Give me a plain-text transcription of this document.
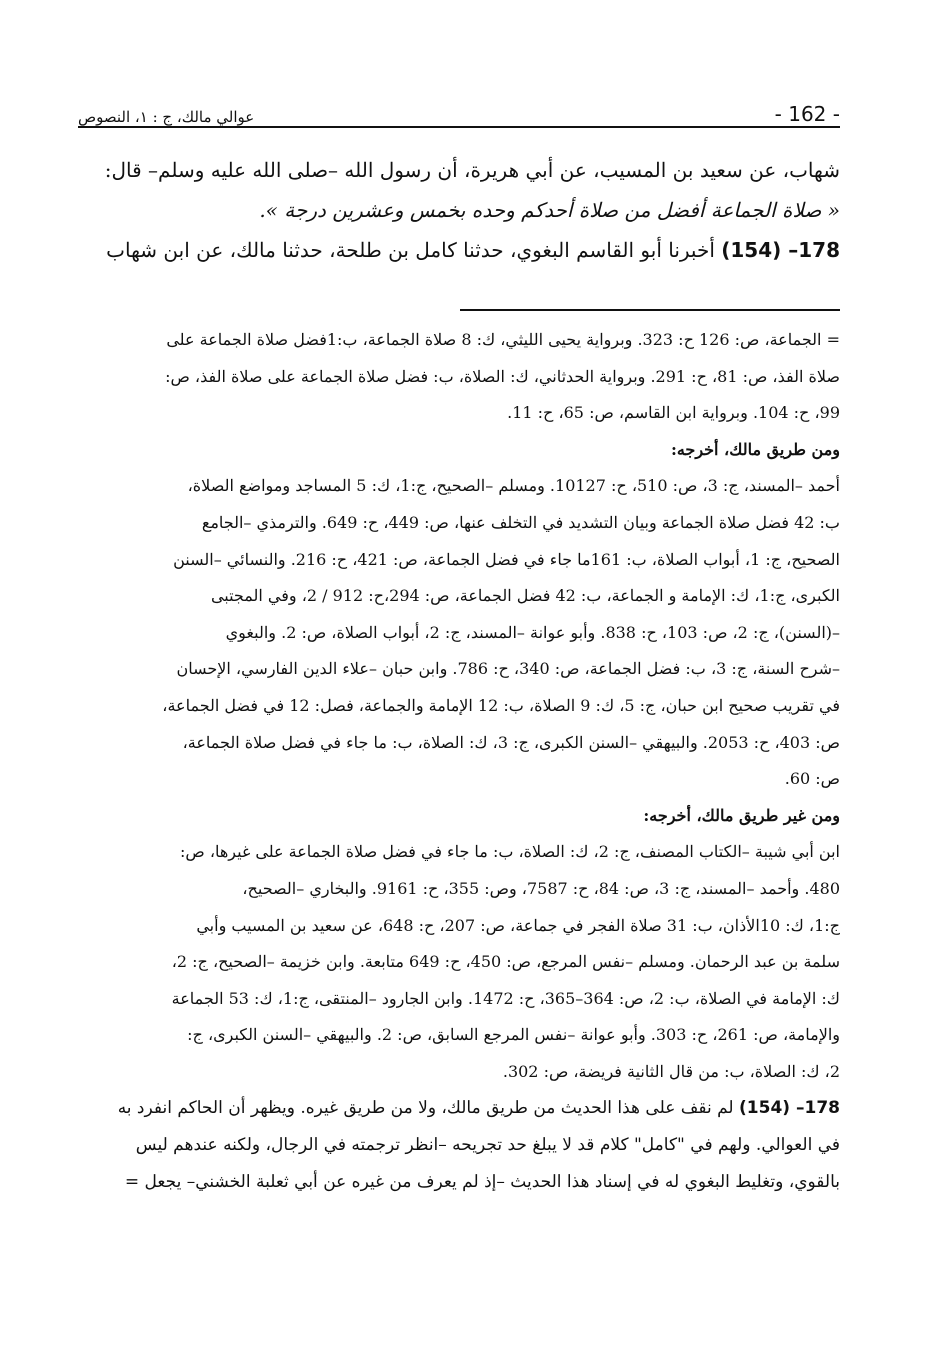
- 162 -
عوالي مالك، ج : ١، النصوص

شهاب، عن سعيد بن المسيب، عن أبي هريرة، أن رسول الله –صلى الله عليه وسلم– قال:

« صلاة الجماعة أفضل من صلاة أحدكم وحده بخمس وعشرين درجة ».

178– (154) أخبرنا أبو القاسم البغوي، حدثنا كامل بن طلحة، حدثنا مالك، عن ابن شهاب

= الجماعة، ص: 126 ح: 323. وبرواية يحيى الليثي، ك: 8 صلاة الجماعة، ب:1فضل صلاة الجماعة على

صلاة الفذ، ص: 81، ح: 291. وبرواية الحدثاني، ك: الصلاة، ب: فضل صلاة الجماعة على صلاة الفذ، ص:

99، ح: 104. وبرواية ابن القاسم، ص: 65، ح: 11.

ومن طريق مالك، أخرجه:

أحمد –المسند، ج: 3، ص: 510، ح: 10127. ومسلم –الصحيح، ج:1، ك: 5 المساجد ومواضع الصلاة،

ب: 42 فضل صلاة الجماعة وبيان التشديد في التخلف عنها، ص: 449، ح: 649. والترمذي –الجامع

الصحيح، ج: 1، أبواب الصلاة، ب: 161ما جاء في فضل الجماعة، ص: 421، ح: 216. والنسائي –السنن

الكبرى، ج:1، ك: الإمامة و الجماعة، ب: 42 فضل الجماعة، ص: 294،ح: 912 / 2، وفي المجتبى

–(السنن)، ج: 2، ص: 103، ح: 838. وأبو عوانة –المسند، ج: 2، أبواب الصلاة، ص: 2. والبغوي

–شرح السنة، ج: 3، ب: فضل الجماعة، ص: 340، ح: 786. وابن حبان –علاء الدين الفارسي، الإحسان

في تقريب صحيح ابن حبان، ج: 5، ك: 9 الصلاة، ب: 12 الإمامة والجماعة، فصل: 12 في فضل الجماعة،

ص: 403، ح: 2053. والبيهقي –السنن الكبرى، ج: 3، ك: الصلاة، ب: ما جاء في فضل صلاة الجماعة،

ص: 60.

ومن غير طريق مالك، أخرجه:

ابن أبي شيبة –الكتاب المصنف، ج: 2، ك: الصلاة، ب: ما جاء في فضل صلاة الجماعة على غيرها، ص:

480. وأحمد –المسند، ج: 3، ص: 84، ح: 7587، وص: 355، ح: 9161. والبخاري –الصحيح،

ج:1، ك: 10الأذان، ب: 31 صلاة الفجر في جماعة، ص: 207، ح: 648، عن سعيد بن المسيب وأبي

سلمة بن عبد الرحمان. ومسلم –نفس المرجع، ص: 450، ح: 649 متابعة. وابن خزيمة –الصحيح، ج: 2،

ك: الإمامة في الصلاة، ب: 2، ص: 364–365، ح: 1472. وابن الجارود –المنتقى، ج:1، ك: 53 الجماعة

والإمامة، ص: 261، ح: 303. وأبو عوانة –نفس المرجع السابق، ص: 2. والبيهقي –السنن الكبرى، ج:

2، ك: الصلاة، ب: من قال الثانية فريضة، ص: 302.

178– (154) لم نقف على هذا الحديث من طريق مالك، ولا من طريق غيره. ويظهر أن الحاكم انفرد به

في العوالي. ولهم في "كامل" كلام قد لا يبلغ حد تجريحه –انظر ترجمته في الرجال، ولكنه عندهم ليس

بالقوي، وتغليط البغوي له في إسناد هذا الحديث –إذ لم يعرف من غيره عن أبي ثعلبة الخشني– يجعل =
